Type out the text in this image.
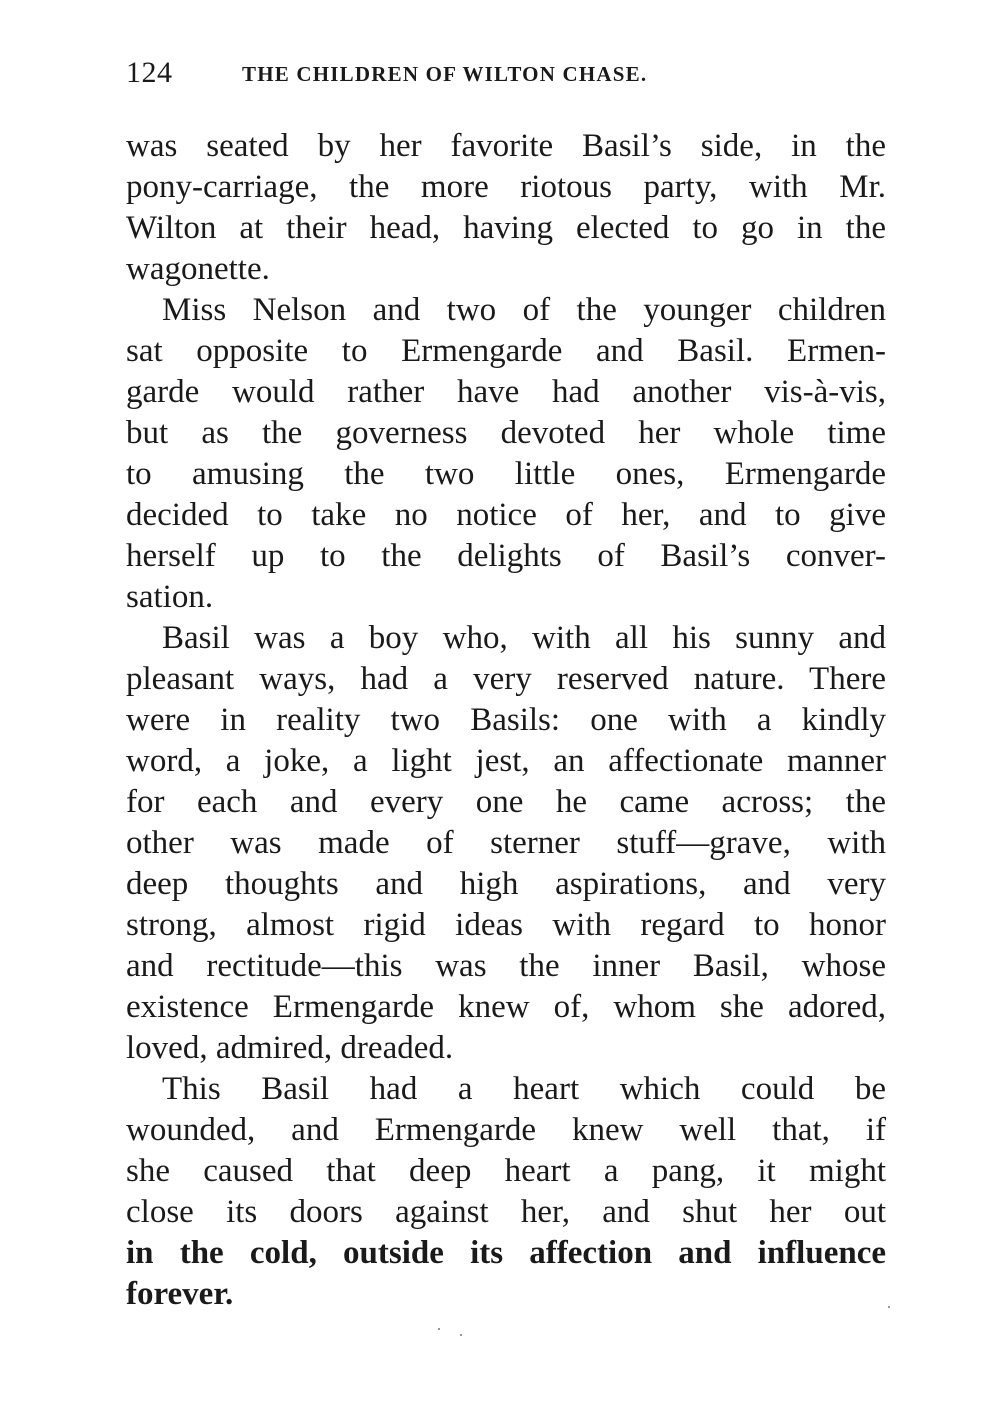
124	THE CHILDREN OF WILTON CHASE.
was seated by her favorite Basil’s side, in the
pony-carriage, the more riotous party, with Mr.
Wilton at their head, having elected to go in the
wagonette.
Miss Nelson and two of the younger children
sat opposite to Ermengarde and Basil. Ermen-
garde would rather have had another vis-à-vis,
but as the governess devoted her whole time
to amusing the two little ones, Ermengarde
decided to take no notice of her, and to give
herself up to the delights of Basil’s conver-
sation.
Basil was a boy who, with all his sunny and
pleasant ways, had a very reserved nature. There
were in reality two Basils: one with a kindly
word, a joke, a light jest, an affectionate manner
for each and every one he came across; the
other was made of sterner stuff—grave, with
deep thoughts and high aspirations, and very
strong, almost rigid ideas with regard to honor
and rectitude—this was the inner Basil, whose
existence Ermengarde knew of, whom she adored,
loved, admired, dreaded.
This Basil had a heart which could be
wounded, and Ermengarde knew well that, if
she caused that deep heart a pang, it might
close its doors against her, and shut her out
in the cold, outside its affection and influence
forever.
